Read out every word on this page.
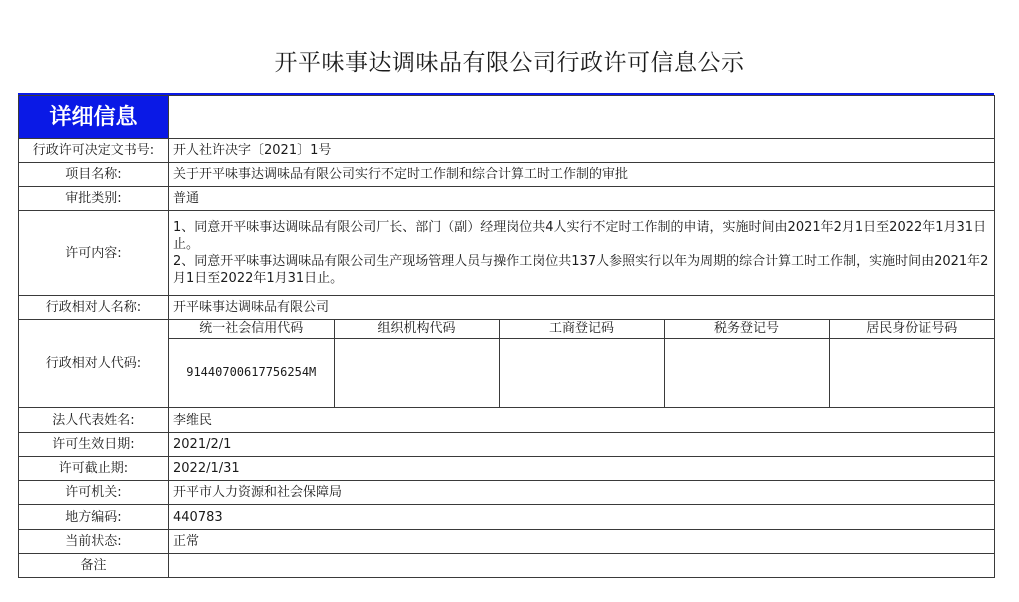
开平味事达调味品有限公司行政许可信息公示
详细信息	
行政许可决定文书号:	开人社许决字〔2021〕1号
项目名称:	关于开平味事达调味品有限公司实行不定时工作制和综合计算工时工作制的审批
审批类别:	普通
许可内容:	
1、同意开平味事达调味品有限公司厂长、部门（副）经理岗位共4人实行不定时工作制的申请，实施时间由2021年2月1日至2022年1月31日止。
2、同意开平味事达调味品有限公司生产现场管理人员与操作工岗位共137人参照实行以年为周期的综合计算工时工作制，实施时间由2021年2月1日至2022年1月31日止。

行政相对人名称:	开平味事达调味品有限公司
行政相对人代码:	
统一社会信用代码	组织机构代码	工商登记码	税务登记号	居民身份证号码
91440700617756254M				

法人代表姓名:	李维民
许可生效日期:	2021/2/1
许可截止期:	2022/1/31
许可机关:	开平市人力资源和社会保障局
地方编码:	440783
当前状态:	正常
备注	
